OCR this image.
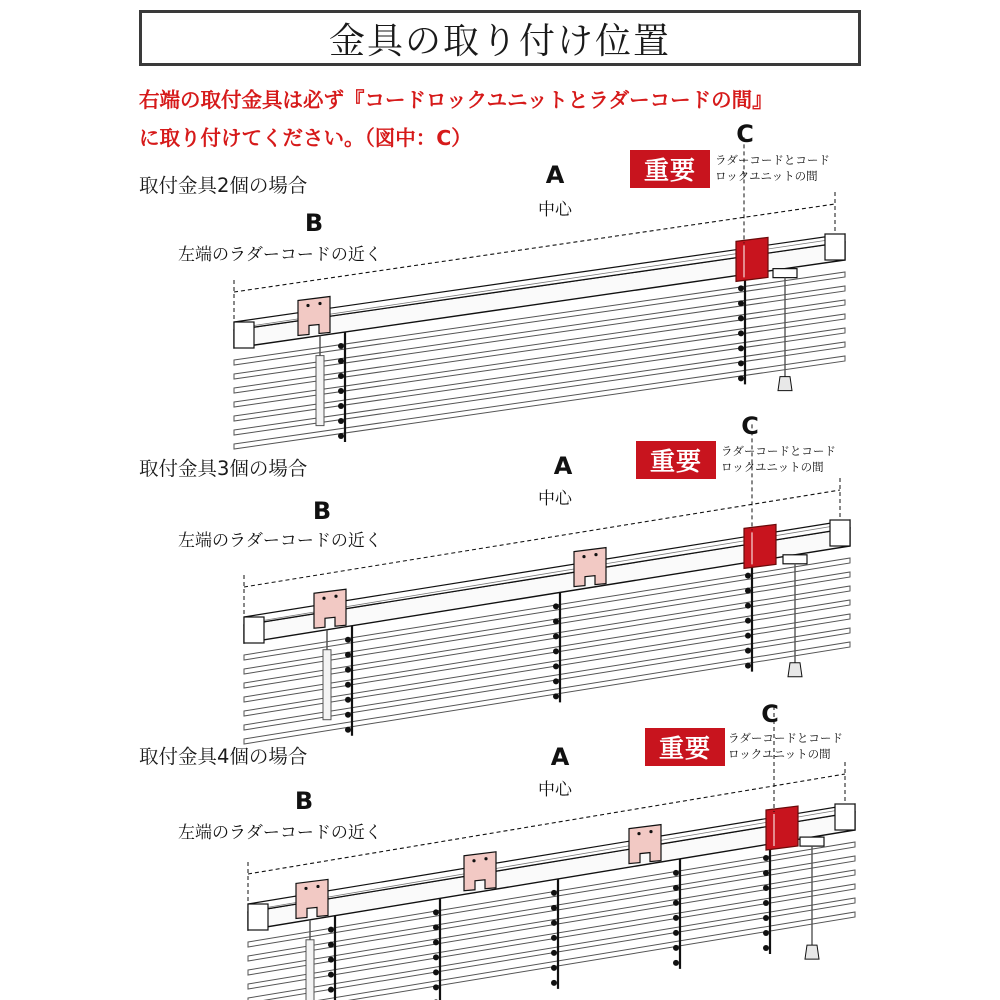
金具の取り付け位置
右端の取付金具は必ず『コードロックユニットとラダーコードの間』
に取り付けてください。（図中：C）
取付金具2個の場合	A
中心
B
左端のラダーコードの近く
C
重要	ラダーコードとコード
ロックユニットの間
取付金具3個の場合	A
中心
B
左端のラダーコードの近く
C
重要	ラダーコードとコード
ロックユニットの間
取付金具4個の場合	A
中心
B
左端のラダーコードの近く
C
重要	ラダーコードとコード
ロックユニットの間
